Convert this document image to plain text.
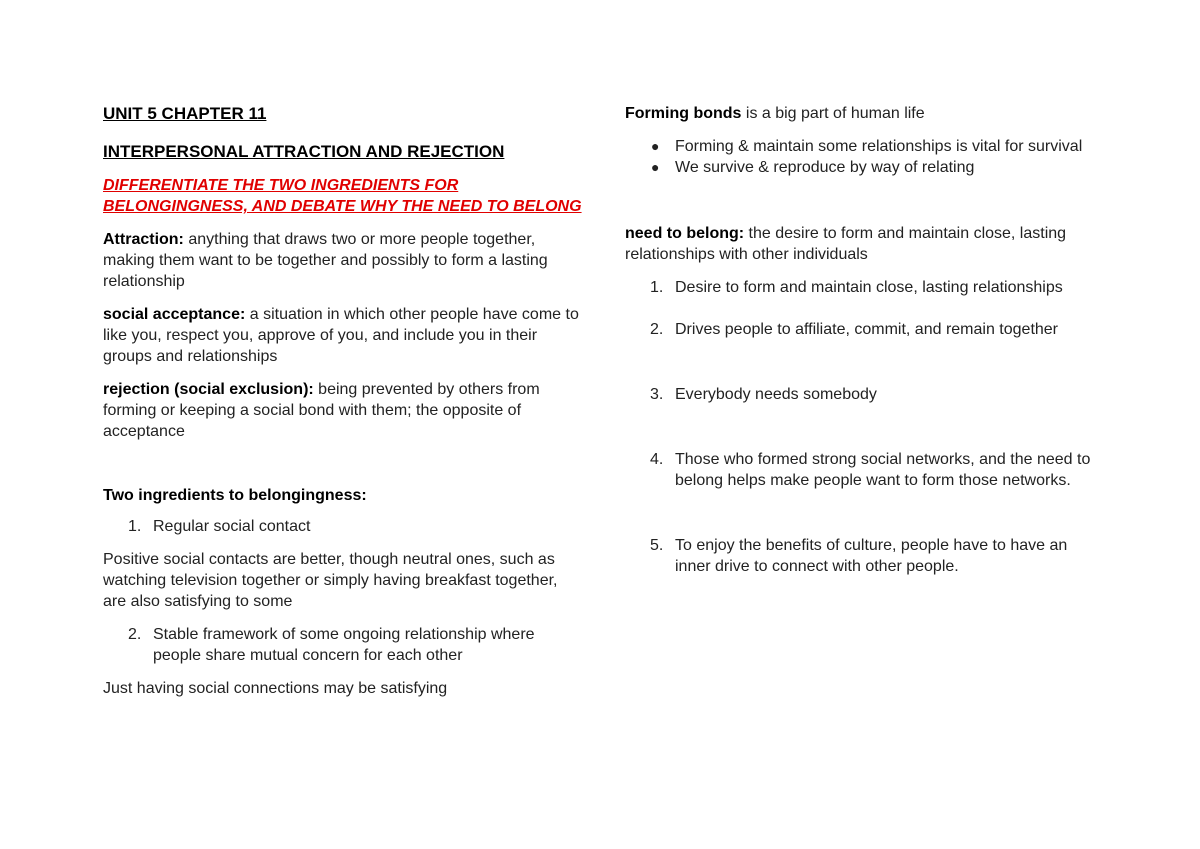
UNIT 5 CHAPTER 11

INTERPERSONAL ATTRACTION AND REJECTION

DIFFERENTIATE THE TWO INGREDIENTS FOR BELONGINGNESS, AND DEBATE WHY THE NEED TO BELONG

Attraction: anything that draws two or more people together, making them want to be together and possibly to form a lasting relationship

social acceptance: a situation in which other people have come to like you, respect you, approve of you, and include you in their groups and relationships

rejection (social exclusion): being prevented by others from forming or keeping a social bond with them; the opposite of acceptance

Two ingredients to belongingness:

1. Regular social contact

Positive social contacts are better, though neutral ones, such as watching television together or simply having breakfast together, are also satisfying to some

2. Stable framework of some ongoing relationship where people share mutual concern for each other

Just having social connections may be satisfying

Forming bonds is a big part of human life

● Forming & maintain some relationships is vital for survival
● We survive & reproduce by way of relating

need to belong: the desire to form and maintain close, lasting relationships with other individuals

1. Desire to form and maintain close, lasting relationships
2. Drives people to affiliate, commit, and remain together
3. Everybody needs somebody
4. Those who formed strong social networks, and the need to belong helps make people want to form those networks.
5. To enjoy the benefits of culture, people have to have an inner drive to connect with other people.
